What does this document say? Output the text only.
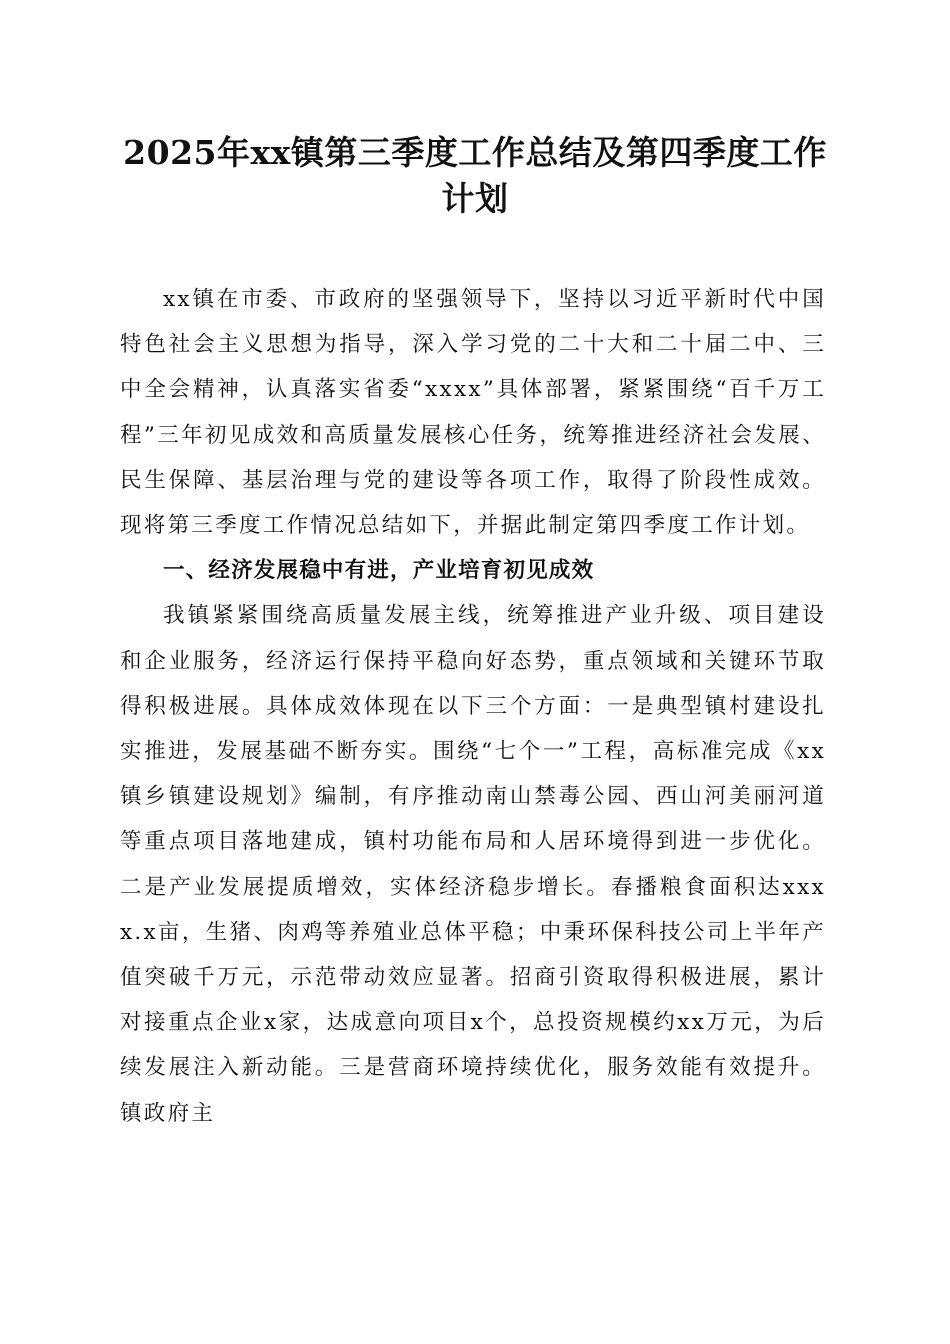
2025年xx镇第三季度工作总结及第四季度工作计划

xx镇在市委、市政府的坚强领导下，坚持以习近平新时代中国特色社会主义思想为指导，深入学习党的二十大和二十届二中、三中全会精神，认真落实省委“xxxx”具体部署，紧紧围绕“百千万工程”三年初见成效和高质量发展核心任务，统筹推进经济社会发展、民生保障、基层治理与党的建设等各项工作，取得了阶段性成效。现将第三季度工作情况总结如下，并据此制定第四季度工作计划。

一、经济发展稳中有进，产业培育初见成效

我镇紧紧围绕高质量发展主线，统筹推进产业升级、项目建设和企业服务，经济运行保持平稳向好态势，重点领域和关键环节取得积极进展。具体成效体现在以下三个方面：一是典型镇村建设扎实推进，发展基础不断夯实。围绕“七个一”工程，高标准完成《xx镇乡镇建设规划》编制，有序推动南山禁毒公园、西山河美丽河道等重点项目落地建成，镇村功能布局和人居环境得到进一步优化。二是产业发展提质增效，实体经济稳步增长。春播粮食面积达xxxx.x亩，生猪、肉鸡等养殖业总体平稳；中秉环保科技公司上半年产值突破千万元，示范带动效应显著。招商引资取得积极进展，累计对接重点企业x家，达成意向项目x个，总投资规模约xx万元，为后续发展注入新动能。三是营商环境持续优化，服务效能有效提升。镇政府主
